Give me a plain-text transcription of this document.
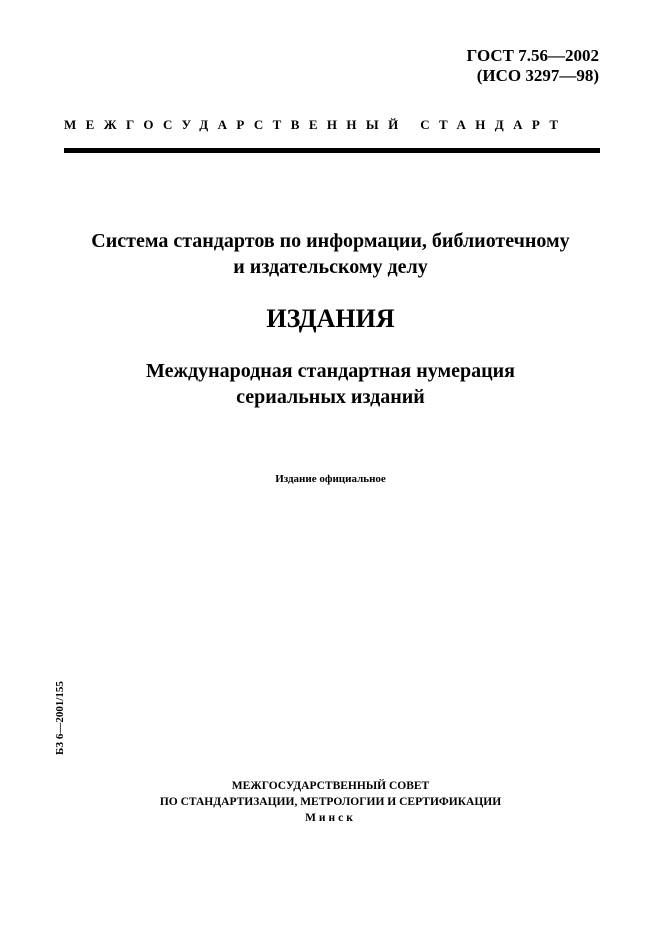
ГОСТ 7.56—2002
(ИСО 3297—98)
МЕЖГОСУДАРСТВЕННЫЙ СТАНДАРТ
Система стандартов по информации, библиотечному
и издательскому делу
ИЗДАНИЯ
Международная стандартная нумерация
сериальных изданий
Издание официальное
БЗ 6—2001/155
МЕЖГОСУДАРСТВЕННЫЙ СОВЕТ
ПО СТАНДАРТИЗАЦИИ, МЕТРОЛОГИИ И СЕРТИФИКАЦИИ
Минск
